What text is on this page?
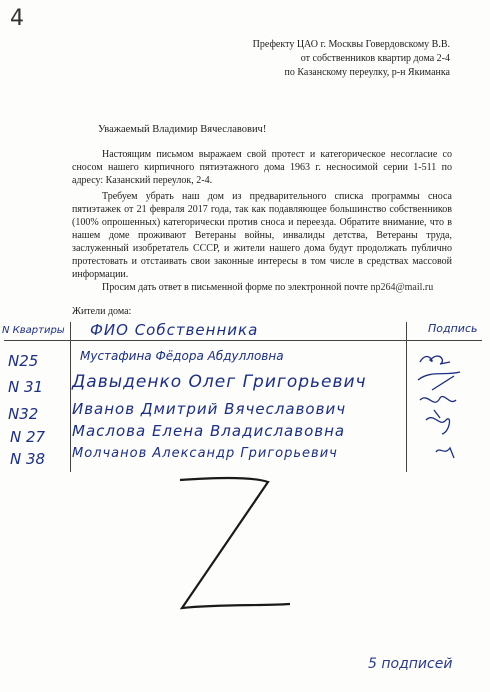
4
Префекту ЦАО г. Москвы Говердовскому В.В.
от собственников квартир дома 2-4
по Казанскому переулку, р-н Якиманка
Уважаемый Владимир Вячеславович!
Настоящим письмом выражаем свой протест и категорическое несогласие со сносом нашего кирпичного пятиэтажного дома 1963 г. несносимой серии 1-511 по адресу: Казанский переулок, 2-4.
Требуем убрать наш дом из предварительного списка программы сноса пятиэтажек от 21 февраля 2017 года, так как подавляющее большинство собственников (100% опрошенных) категорически против сноса и переезда. Обратите внимание, что в нашем доме проживают Ветераны войны, инвалиды детства, Ветераны труда, заслуженный изобретатель СССР, и жители нашего дома будут продолжать публично протестовать и отстаивать свои законные интересы в том числе в средствах массовой информации.
Просим дать ответ в письменной форме по электронной почте np264@mail.ru
Жители дома:
N Квартиры ФИО Собственника	Подпись
N25	Мустафина Фёдора Абдулловна
N 31 Давыденко Олег Григорьевич
N32 Иванов Дмитрий Вячеславович
N 27 Маслова Елена Владиславовна
N 38 Молчанов Александр Григорьевич
5 подписей
